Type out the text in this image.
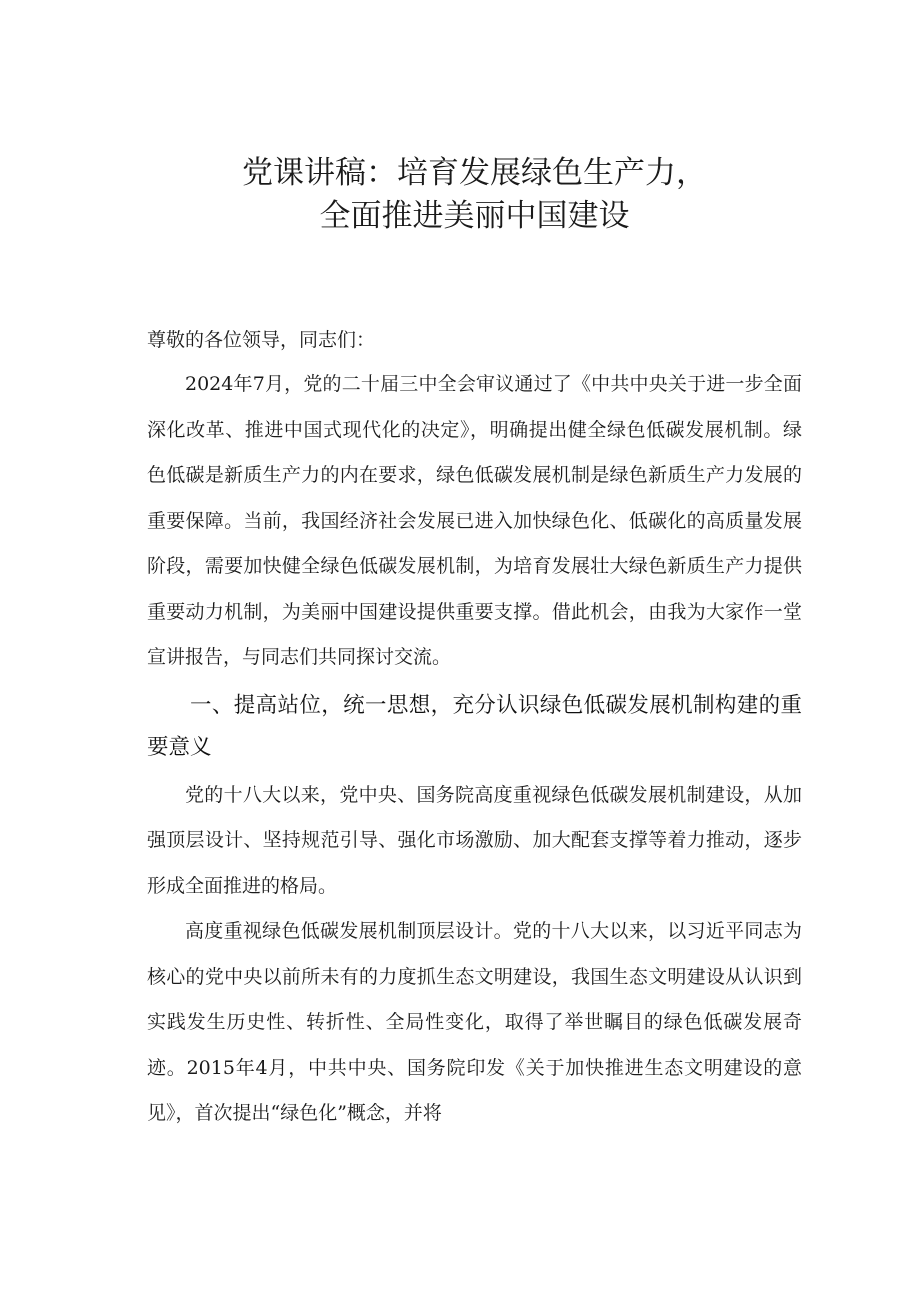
党课讲稿：培育发展绿色生产力，
全面推进美丽中国建设

尊敬的各位领导，同志们：

2024年7月，党的二十届三中全会审议通过了《中共中央关于进一步全面深化改革、推进中国式现代化的决定》，明确提出健全绿色低碳发展机制。绿色低碳是新质生产力的内在要求，绿色低碳发展机制是绿色新质生产力发展的重要保障。当前，我国经济社会发展已进入加快绿色化、低碳化的高质量发展阶段，需要加快健全绿色低碳发展机制，为培育发展壮大绿色新质生产力提供重要动力机制，为美丽中国建设提供重要支撑。借此机会，由我为大家作一堂宣讲报告，与同志们共同探讨交流。

一、提高站位，统一思想，充分认识绿色低碳发展机制构建的重要意义

党的十八大以来，党中央、国务院高度重视绿色低碳发展机制建设，从加强顶层设计、坚持规范引导、强化市场激励、加大配套支撑等着力推动，逐步形成全面推进的格局。

高度重视绿色低碳发展机制顶层设计。党的十八大以来，以习近平同志为核心的党中央以前所未有的力度抓生态文明建设，我国生态文明建设从认识到实践发生历史性、转折性、全局性变化，取得了举世瞩目的绿色低碳发展奇迹。2015年4月，中共中央、国务院印发《关于加快推进生态文明建设的意见》，首次提出“绿色化”概念，并将
